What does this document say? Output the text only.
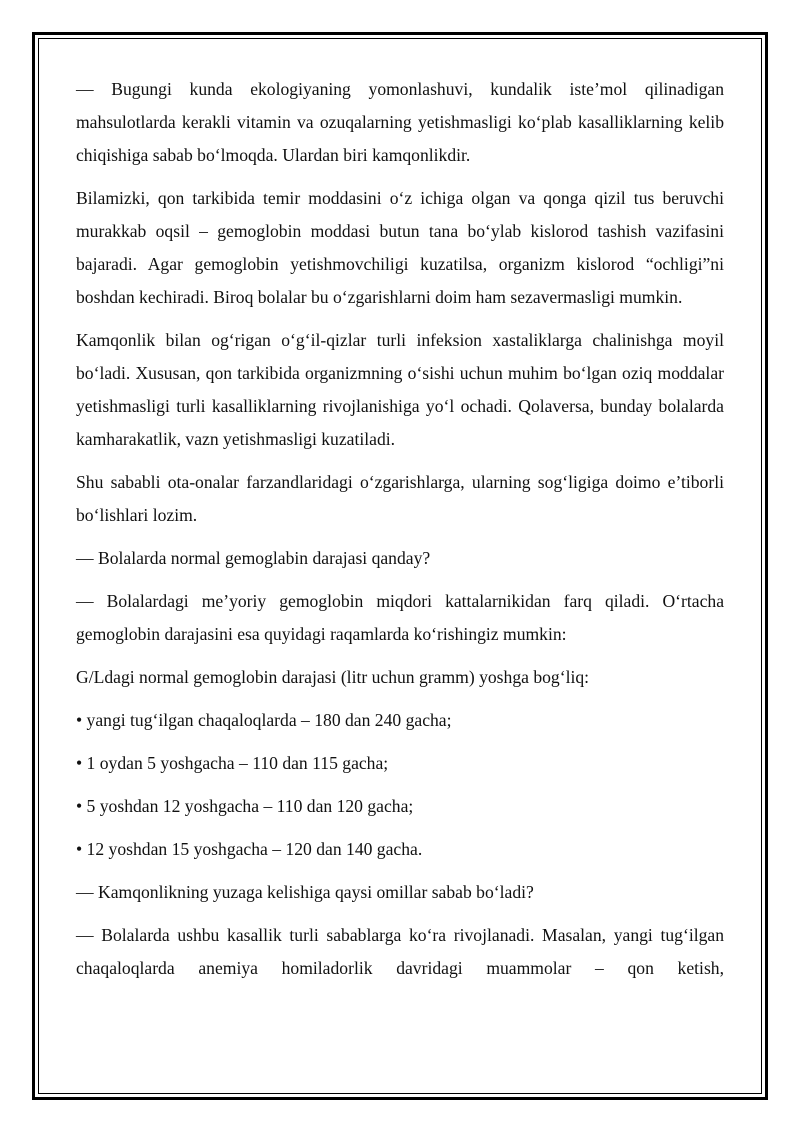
— Bugungi kunda ekologiyaning yomonlashuvi, kundalik iste’mol qilinadigan mahsulotlarda kerakli vitamin va ozuqalarning yetishmasligi ko‘plab kasalliklarning kelib chiqishiga sabab bo‘lmoqda. Ulardan biri kamqonlikdir.

Bilamizki, qon tarkibida temir moddasini o‘z ichiga olgan va qonga qizil tus beruvchi murakkab oqsil – gemoglobin moddasi butun tana bo‘ylab kislorod tashish vazifasini bajaradi. Agar gemoglobin yetishmovchiligi kuzatilsa, organizm kislorod “ochligi”ni boshdan kechiradi. Biroq bolalar bu o‘zgarishlarni doim ham sezavermasligi mumkin.

Kamqonlik bilan og‘rigan o‘g‘il-qizlar turli infeksion xastaliklarga chalinishga moyil bo‘ladi. Xususan, qon tarkibida organizmning o‘sishi uchun muhim bo‘lgan oziq moddalar yetishmasligi turli kasalliklarning rivojlanishiga yo‘l ochadi. Qolaversa, bunday bolalarda kamharakatlik, vazn yetishmasligi kuzatiladi.

Shu sababli ota-onalar farzandlaridagi o‘zgarishlarga, ularning sog‘ligiga doimo e’tiborli bo‘lishlari lozim.

— Bolalarda normal gemoglabin darajasi qanday?

— Bolalardagi me’yoriy gemoglobin miqdori kattalarnikidan farq qiladi. O‘rtacha gemoglobin darajasini esa quyidagi raqamlarda ko‘rishingiz mumkin:

G/Ldagi normal gemoglobin darajasi (litr uchun gramm) yoshga bog‘liq:

• yangi tug‘ilgan chaqaloqlarda – 180 dan 240 gacha;

• 1 oydan 5 yoshgacha – 110 dan 115 gacha;

• 5 yoshdan 12 yoshgacha – 110 dan 120 gacha;

• 12 yoshdan 15 yoshgacha – 120 dan 140 gacha.

— Kamqonlikning yuzaga kelishiga qaysi omillar sabab bo‘ladi?

— Bolalarda ushbu kasallik turli sabablarga ko‘ra rivojlanadi. Masalan, yangi tug‘ilgan chaqaloqlarda anemiya homiladorlik davridagi muammolar – qon ketish,
